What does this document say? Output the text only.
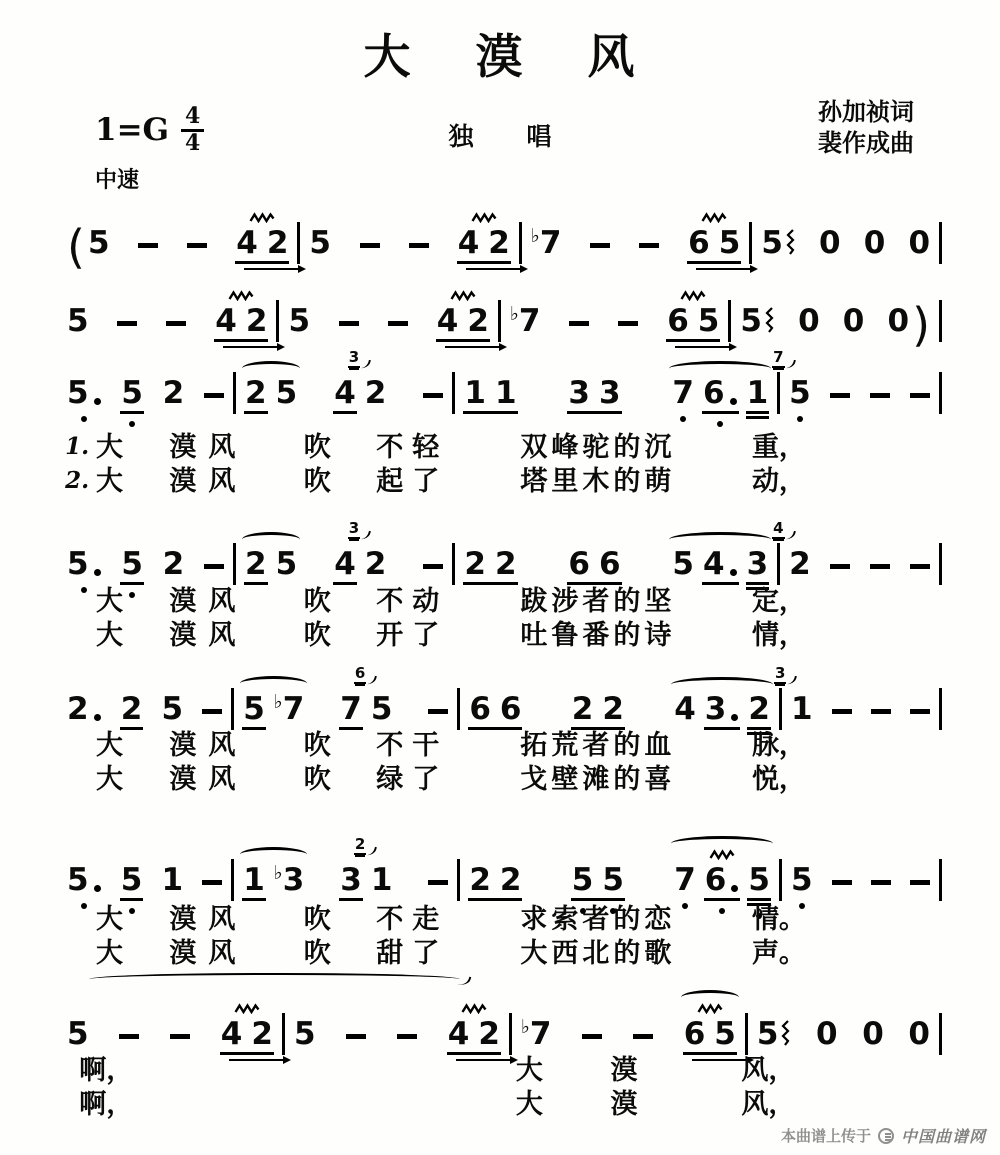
大 漠 风
$1=G \frac{4}{4}$	独 唱
孙加祯词
裴作成曲
中速
( 5	4 2 5	4 2 ♭ 7	6 5 5 0 0 0
5	4 2 5	4 2 ♭ 7	6 5 5 0 0 0 )
5 5 2 2 5 4
3
2	1 1 3 3 7 6 1
7
5
1. 大 漠风 吹 不轻	双峰驼的沉	重，
2. 大 漠风 吹 起了	塔里木的萌	动，
5 5 2 2 5 4
3
2	2 2 6 6 5 4 3
4
2
大 漠风 吹 不动	跋涉者的坚	定，
大 漠风 吹 开了	吐鲁番的诗	情，
2 2 5 5 ♭ 7 7
6
5 6 6 2 2 4 3 2
3
1
大 漠风 吹 不干	拓荒者的血	脉，
大 漠风 吹 绿了	戈壁滩的喜	悦，
5 5 1 1 ♭ 3 3
2
1 2 2 5 5 7 6 5 5
大 漠风 吹 不走	求索者的恋	情。
大 漠风 吹 甜了	大西北的歌	声。
5	4 2 5	4 2 ♭ 7	6 5 5 0 0 0
啊，	大	漠	风，
啊，	大	漠	风，
本曲谱上传于 中国曲谱网
